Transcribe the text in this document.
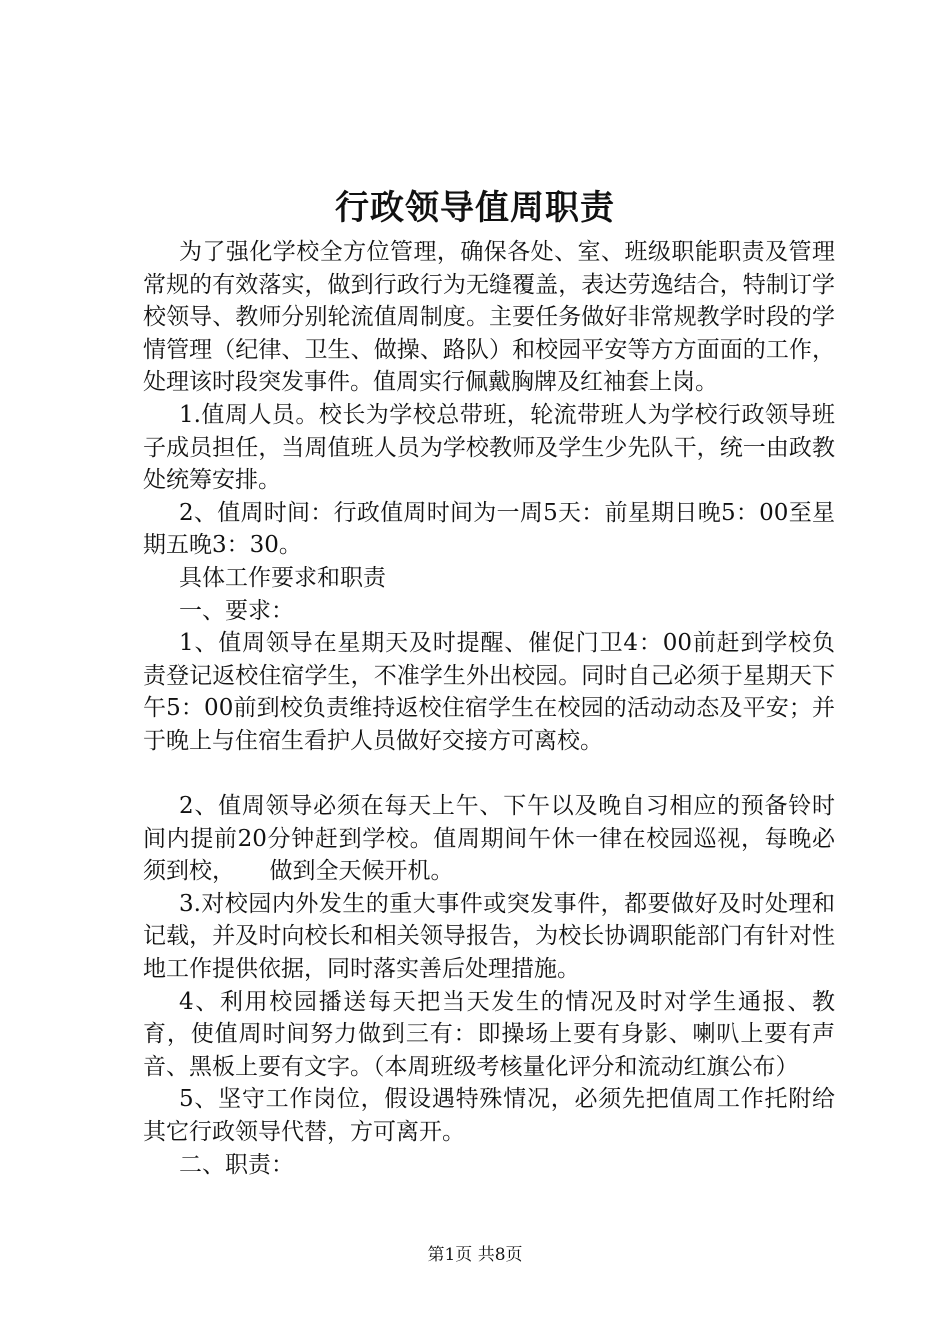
行政领导值周职责

为了强化学校全方位管理，确保各处、室、班级职能职责及管理常规的有效落实，做到行政行为无缝覆盖，表达劳逸结合，特制订学校领导、教师分别轮流值周制度。主要任务做好非常规教学时段的学情管理（纪律、卫生、做操、路队）和校园平安等方方面面的工作，处理该时段突发事件。值周实行佩戴胸牌及红袖套上岗。

1.值周人员。校长为学校总带班，轮流带班人为学校行政领导班子成员担任，当周值班人员为学校教师及学生少先队干，统一由政教处统筹安排。

2、值周时间：行政值周时间为一周5天：前星期日晚5：00至星期五晚3：30。

具体工作要求和职责

一、要求：

1、值周领导在星期天及时提醒、催促门卫4：00前赶到学校负责登记返校住宿学生，不准学生外出校园。同时自己必须于星期天下午5：00前到校负责维持返校住宿学生在校园的活动动态及平安；并于晚上与住宿生看护人员做好交接方可离校。

2、值周领导必须在每天上午、下午以及晚自习相应的预备铃时间内提前20分钟赶到学校。值周期间午休一律在校园巡视，每晚必须到校，　　做到全天候开机。

3.对校园内外发生的重大事件或突发事件，都要做好及时处理和记载，并及时向校长和相关领导报告，为校长协调职能部门有针对性地工作提供依据，同时落实善后处理措施。

4、利用校园播送每天把当天发生的情况及时对学生通报、教育，使值周时间努力做到三有：即操场上要有身影、喇叭上要有声音、黑板上要有文字。（本周班级考核量化评分和流动红旗公布）

5、坚守工作岗位，假设遇特殊情况，必须先把值周工作托附给其它行政领导代替，方可离开。

二、职责：

第1页 共8页
